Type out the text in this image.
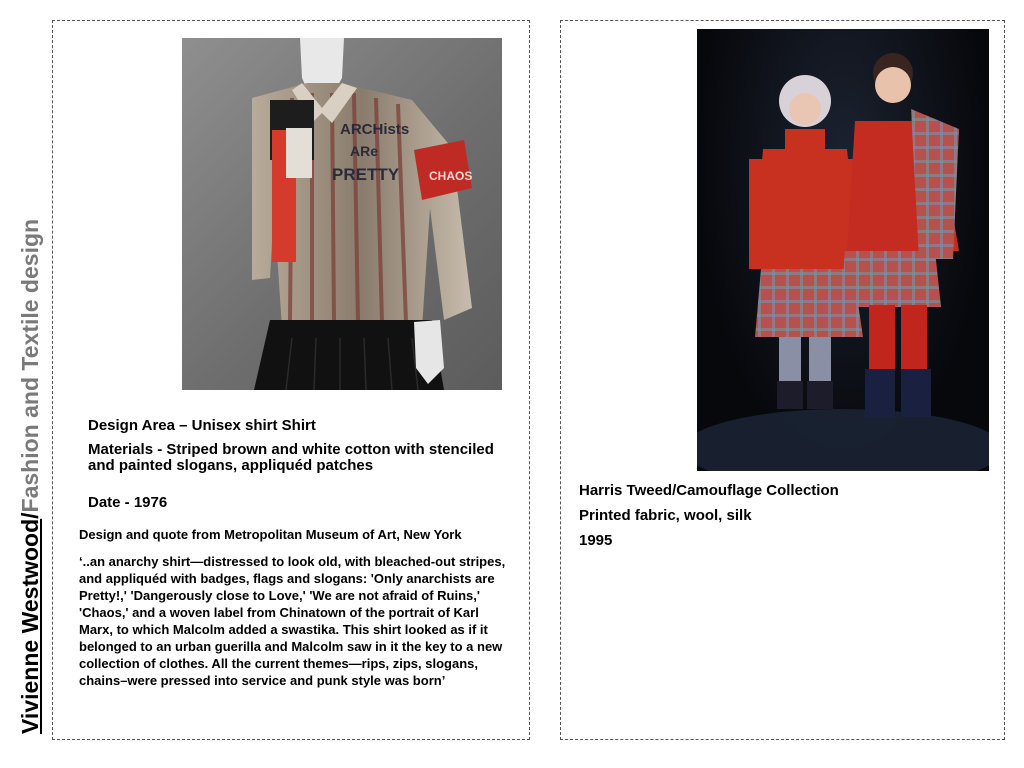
Vivienne Westwood/Fashion and Textile design
ARCHists
ARe
PRETTY CHAOS
Design Area – Unisex shirt Shirt
Materials - Striped brown and white cotton with stenciled and painted slogans, appliquéd patches
Date - 1976
Design and quote from Metropolitan Museum of Art, New York
‘..an anarchy shirt—distressed to look old, with bleached-out stripes, and appliquéd with badges, flags and slogans: 'Only anarchists are Pretty!,' 'Dangerously close to Love,' 'We are not afraid of Ruins,' 'Chaos,' and a woven label from Chinatown of the portrait of Karl Marx, to which Malcolm added a swastika. This shirt looked as if it belonged to an urban guerilla and Malcolm saw in it the key to a new collection of clothes. All the current themes—rips, zips, slogans, chains–were pressed into service and punk style was born’
Harris Tweed/Camouflage Collection
Printed fabric, wool, silk
1995
